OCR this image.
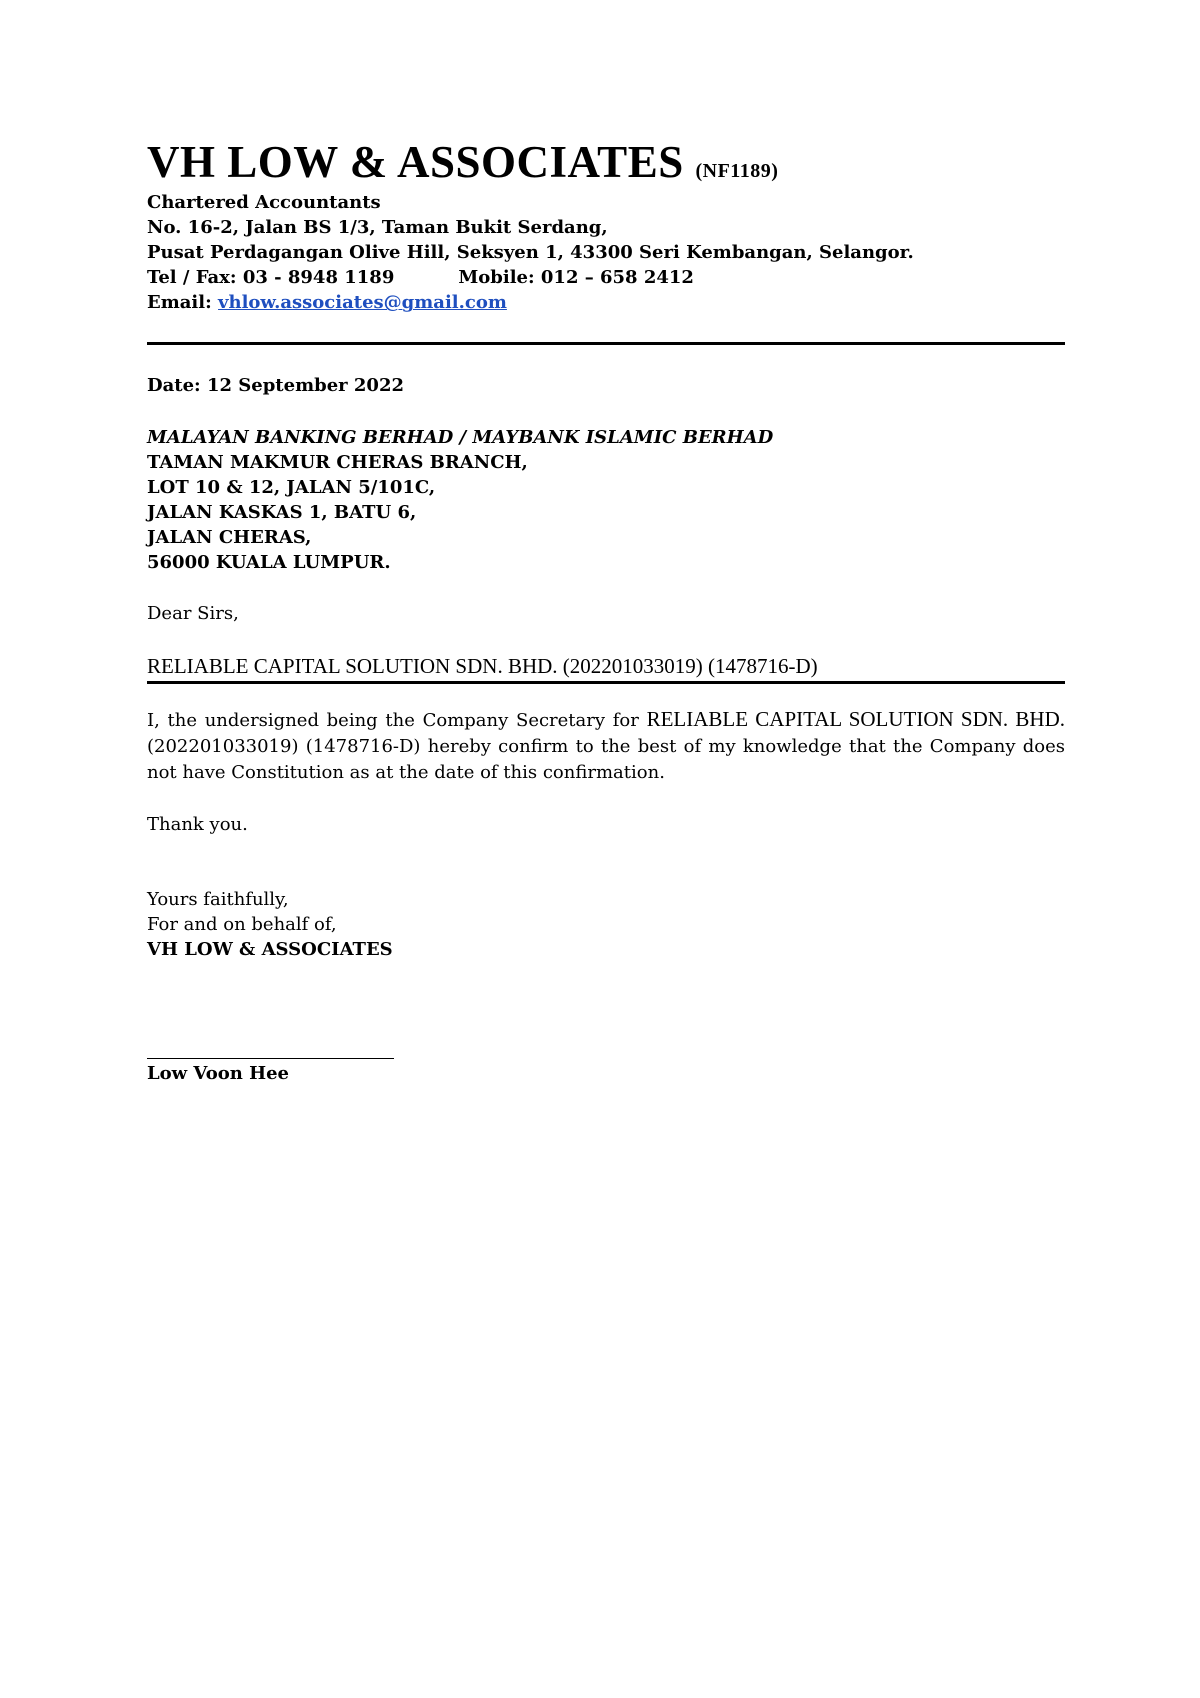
VH LOW & ASSOCIATES (NF1189)
Chartered Accountants
No. 16-2, Jalan BS 1/3, Taman Bukit Serdang,
Pusat Perdagangan Olive Hill, Seksyen 1, 43300 Seri Kembangan, Selangor.
Tel / Fax: 03 - 8948 1189	Mobile: 012 – 658 2412
Email: vhlow.associates@gmail.com
Date: 12 September 2022
MALAYAN BANKING BERHAD / MAYBANK ISLAMIC BERHAD
TAMAN MAKMUR CHERAS BRANCH,
LOT 10 & 12, JALAN 5/101C,
JALAN KASKAS 1, BATU 6,
JALAN CHERAS,
56000 KUALA LUMPUR.
Dear Sirs,
RELIABLE CAPITAL SOLUTION SDN. BHD. (202201033019) (1478716-D)
I, the undersigned being the Company Secretary for RELIABLE CAPITAL SOLUTION SDN. BHD. (202201033019) (1478716-D) hereby confirm to the best of my knowledge that the Company does not have Constitution as at the date of this confirmation.
Thank you.
Yours faithfully,
For and on behalf of,
VH LOW & ASSOCIATES
Low Voon Hee
